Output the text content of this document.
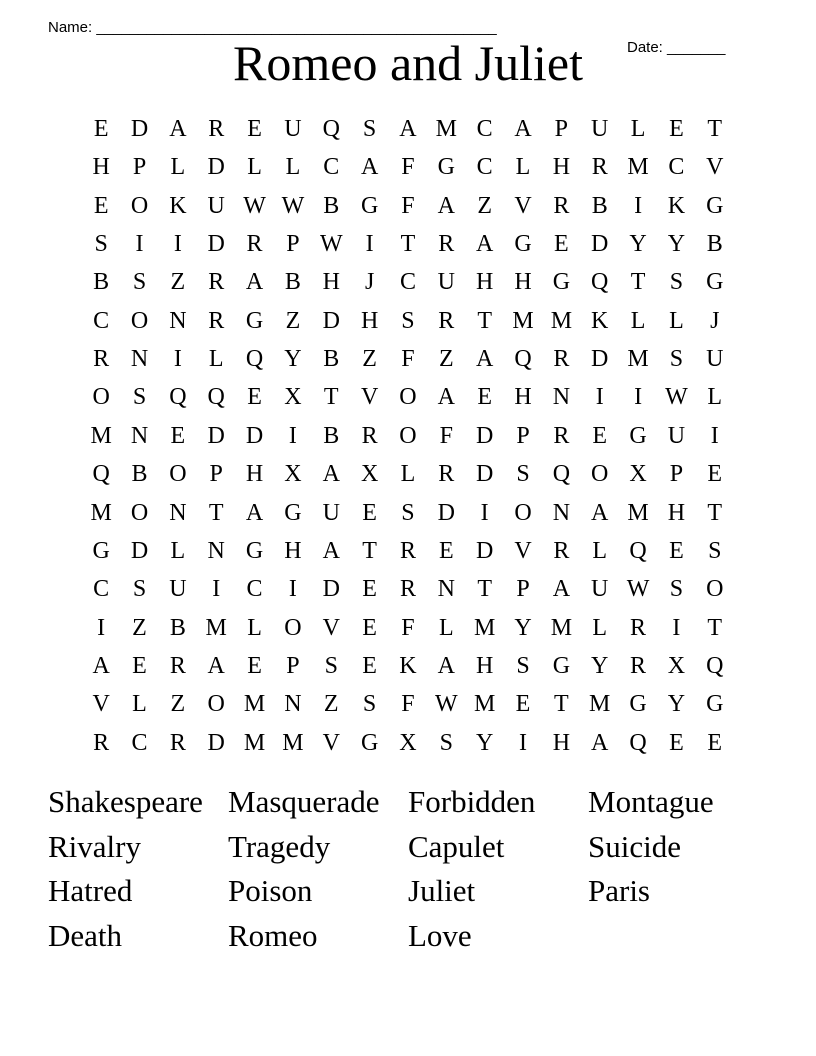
Name: ________________________________________________

Date: _______

Romeo and Juliet
E D A R E U Q S A M C A P U L E T
H P	L D L L C A F G C L H R M C V
E O K U W W B G F A Z V R B	I	K G
S	I	I	D R P W I	T R A G E D Y Y B
B S	Z R A B H	J	C U H H G Q T	S G
C O N R G Z D H S R T M M K L L	J
R N	I	L Q Y B Z	F	Z A Q R D M S U
O S Q Q E X T V O A E H N	I	I W L
M N E D D	I	B R O F D P R E G U	I
Q B O P H X A X L R D S Q O X P	E
M O N T A G U E	S D	I	O N A M H T
G D L N G H A T R E D V R L Q E	S
C S U	I	C	I	D E R N T	P A U W S O
I	Z B M L O V E	F	L M Y M L R	I	T
A E R A E	P	S	E K A H S G Y R X Q
V L Z O M N Z	S	F W M E T M G Y G
R C R D M M V G X S Y	I	H A Q E E
Shakespeare Masquerade Forbidden Montague
Rivalry	Tragedy	Capulet	Suicide
Hatred	Poison	Juliet	Paris
Death	Romeo	Love
